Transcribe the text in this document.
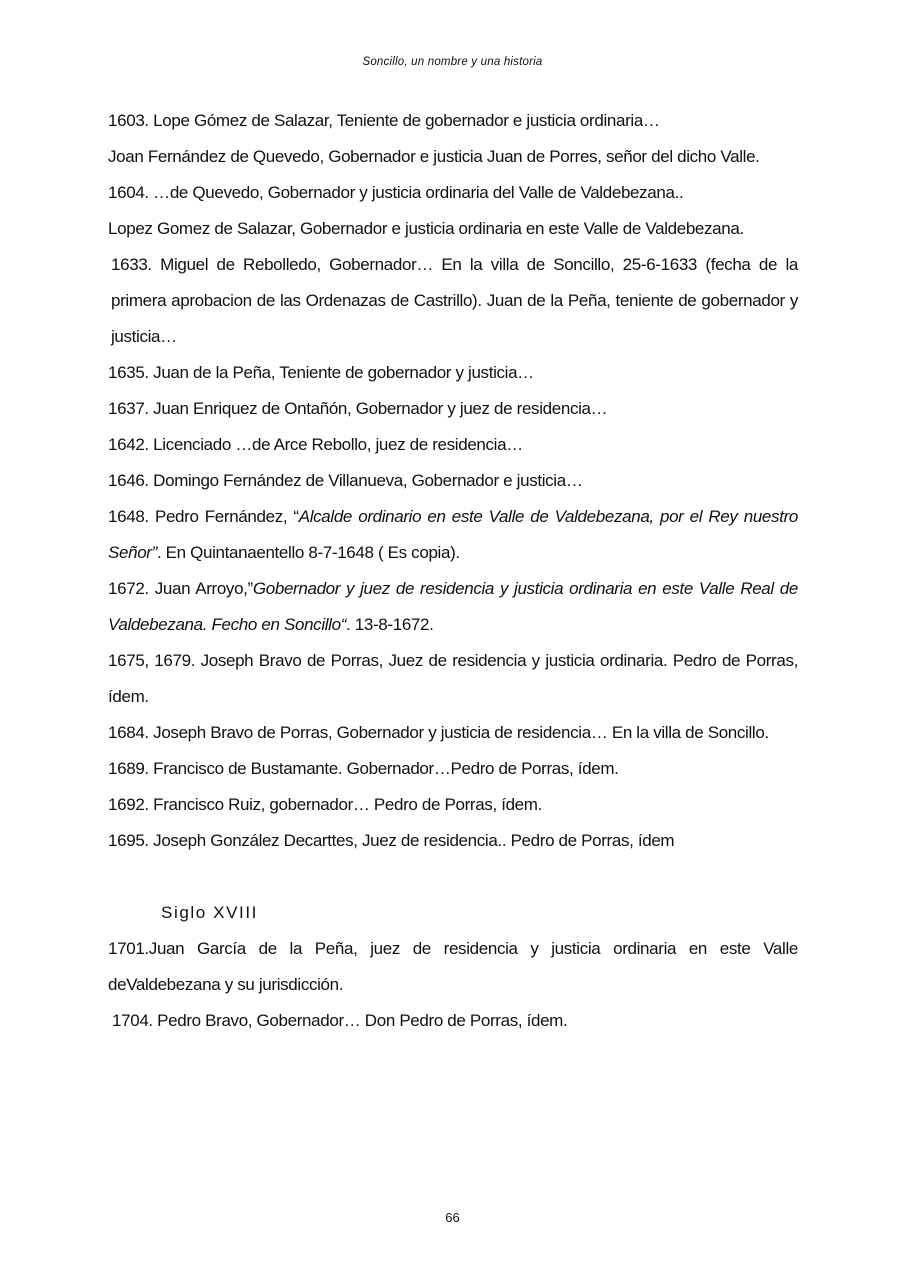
Soncillo, un nombre y una historia

1603. Lope Gómez de Salazar, Teniente de gobernador e justicia ordinaria…

Joan Fernández de Quevedo, Gobernador e justicia Juan de Porres, señor del dicho Valle.

1604. …de Quevedo, Gobernador y justicia ordinaria del Valle de Valdebezana..

Lopez Gomez de Salazar, Gobernador e justicia ordinaria en este Valle de Valdebezana.

1633. Miguel de Rebolledo, Gobernador… En la villa de Soncillo, 25-6-1633 (fecha de la primera aprobacion de las Ordenazas de Castrillo). Juan de la Peña, teniente de gobernador y justicia…

1635. Juan de la Peña, Teniente de gobernador y justicia…

1637. Juan Enriquez de Ontañón, Gobernador y juez de residencia…

1642. Licenciado …de Arce Rebollo, juez de residencia…

1646. Domingo Fernández de Villanueva, Gobernador e justicia…

1648. Pedro Fernández, “Alcalde ordinario en este Valle de Valdebezana, por el Rey nuestro Señor”. En Quintanaentello 8-7-1648 ( Es copia).

1672. Juan Arroyo,”Gobernador y juez de residencia y justicia ordinaria en este Valle Real de Valdebezana. Fecho en Soncillo“. 13-8-1672.

1675, 1679. Joseph Bravo de Porras, Juez de residencia y justicia ordinaria. Pedro de Porras, ídem.

1684. Joseph Bravo de Porras, Gobernador y justicia de residencia… En la villa de Soncillo.

1689. Francisco de Bustamante. Gobernador…Pedro de Porras, ídem.

1692. Francisco Ruiz, gobernador… Pedro de Porras, ídem.

1695. Joseph González Decarttes, Juez de residencia.. Pedro de Porras, ídem

Siglo XVIII

1701.Juan García de la Peña, juez de residencia y justicia ordinaria en este Valle deValdebezana y su jurisdicción.

1704. Pedro Bravo, Gobernador… Don Pedro de Porras, ídem.

66
